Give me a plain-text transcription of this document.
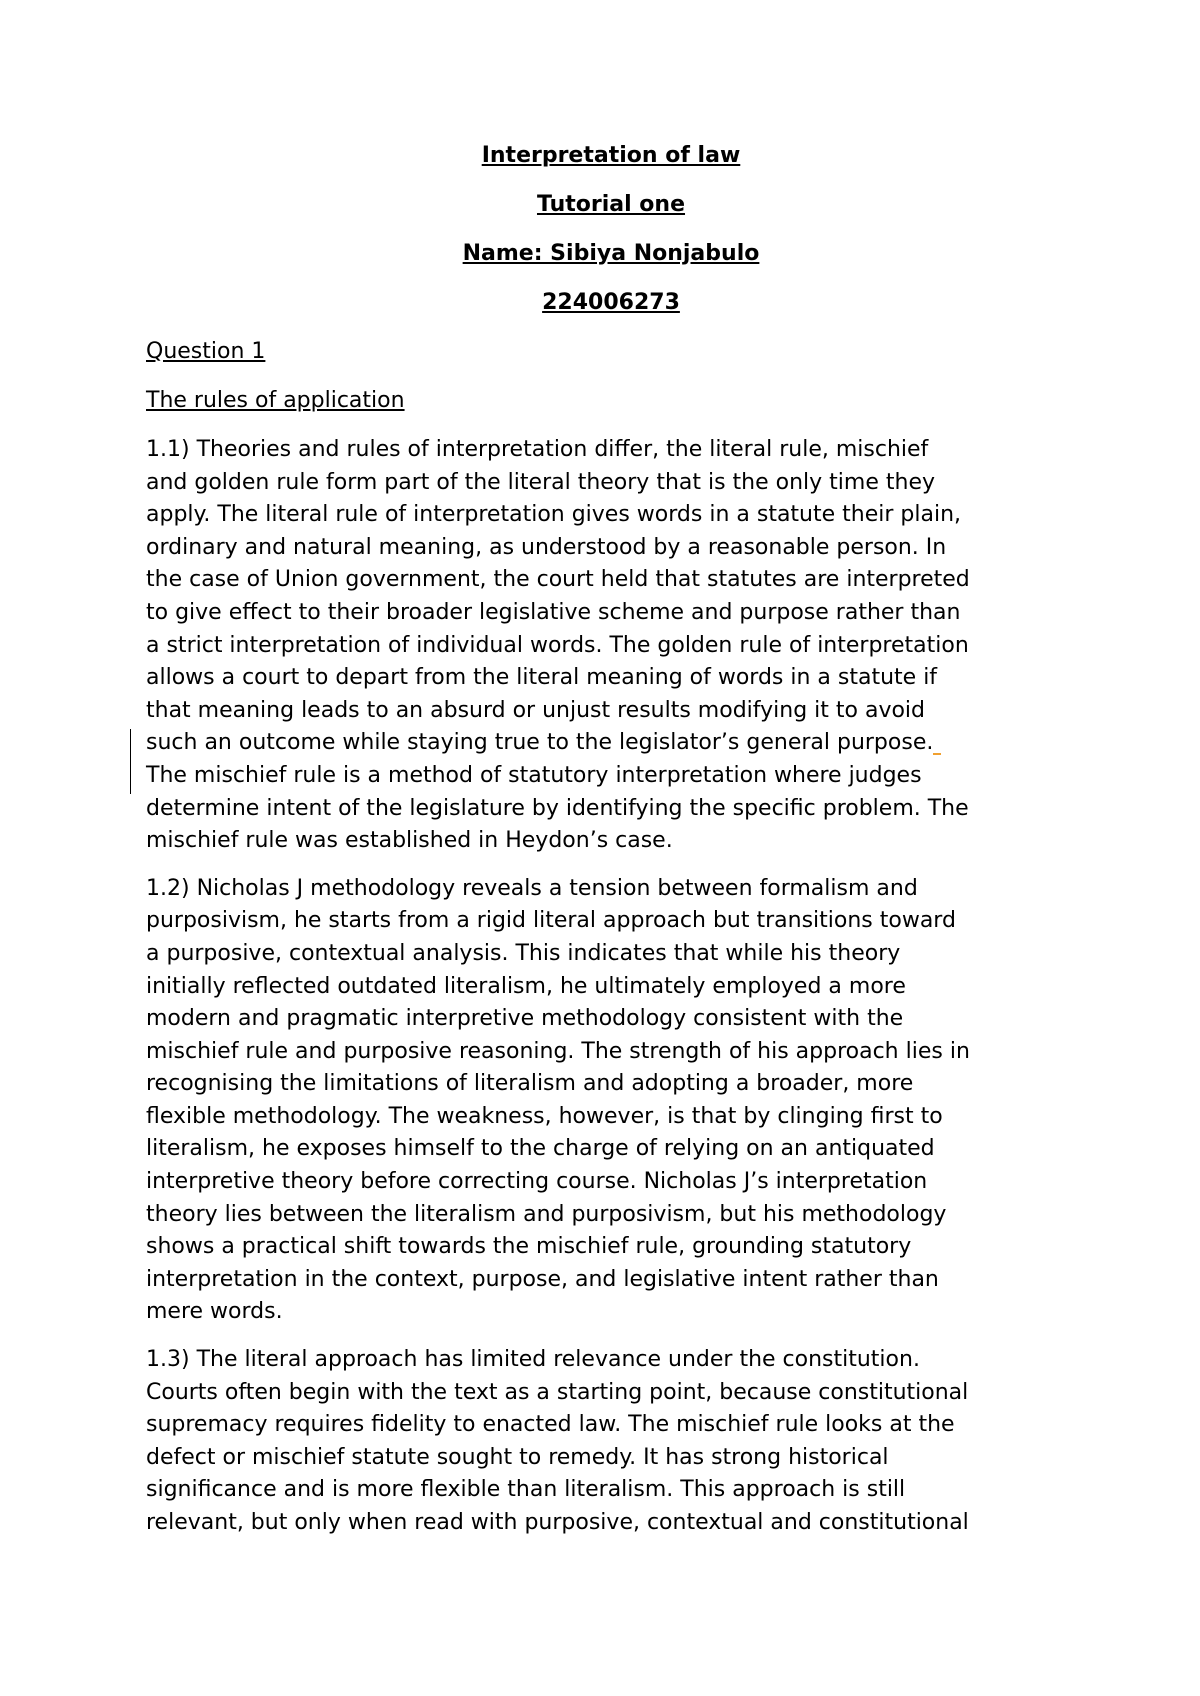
Interpretation of law

Tutorial one

Name: Sibiya Nonjabulo

224006273

Question 1

The rules of application

1.1) Theories and rules of interpretation differ, the literal rule, mischief
and golden rule form part of the literal theory that is the only time they
apply. The literal rule of interpretation gives words in a statute their plain,
ordinary and natural meaning, as understood by a reasonable person. In
the case of Union government, the court held that statutes are interpreted
to give effect to their broader legislative scheme and purpose rather than
a strict interpretation of individual words. The golden rule of interpretation
allows a court to depart from the literal meaning of words in a statute if
that meaning leads to an absurd or unjust results modifying it to avoid
such an outcome while staying true to the legislator’s general purpose.

The mischief rule is a method of statutory interpretation where judges
determine intent of the legislature by identifying the specific problem. The
mischief rule was established in Heydon’s case.

1.2) Nicholas J methodology reveals a tension between formalism and
purposivism, he starts from a rigid literal approach but transitions toward
a purposive, contextual analysis. This indicates that while his theory
initially reflected outdated literalism, he ultimately employed a more
modern and pragmatic interpretive methodology consistent with the
mischief rule and purposive reasoning. The strength of his approach lies in
recognising the limitations of literalism and adopting a broader, more
flexible methodology. The weakness, however, is that by clinging first to
literalism, he exposes himself to the charge of relying on an antiquated
interpretive theory before correcting course. Nicholas J’s interpretation
theory lies between the literalism and purposivism, but his methodology
shows a practical shift towards the mischief rule, grounding statutory
interpretation in the context, purpose, and legislative intent rather than
mere words.

1.3) The literal approach has limited relevance under the constitution.
Courts often begin with the text as a starting point, because constitutional
supremacy requires fidelity to enacted law. The mischief rule looks at the
defect or mischief statute sought to remedy. It has strong historical
significance and is more flexible than literalism. This approach is still
relevant, but only when read with purposive, contextual and constitutional
